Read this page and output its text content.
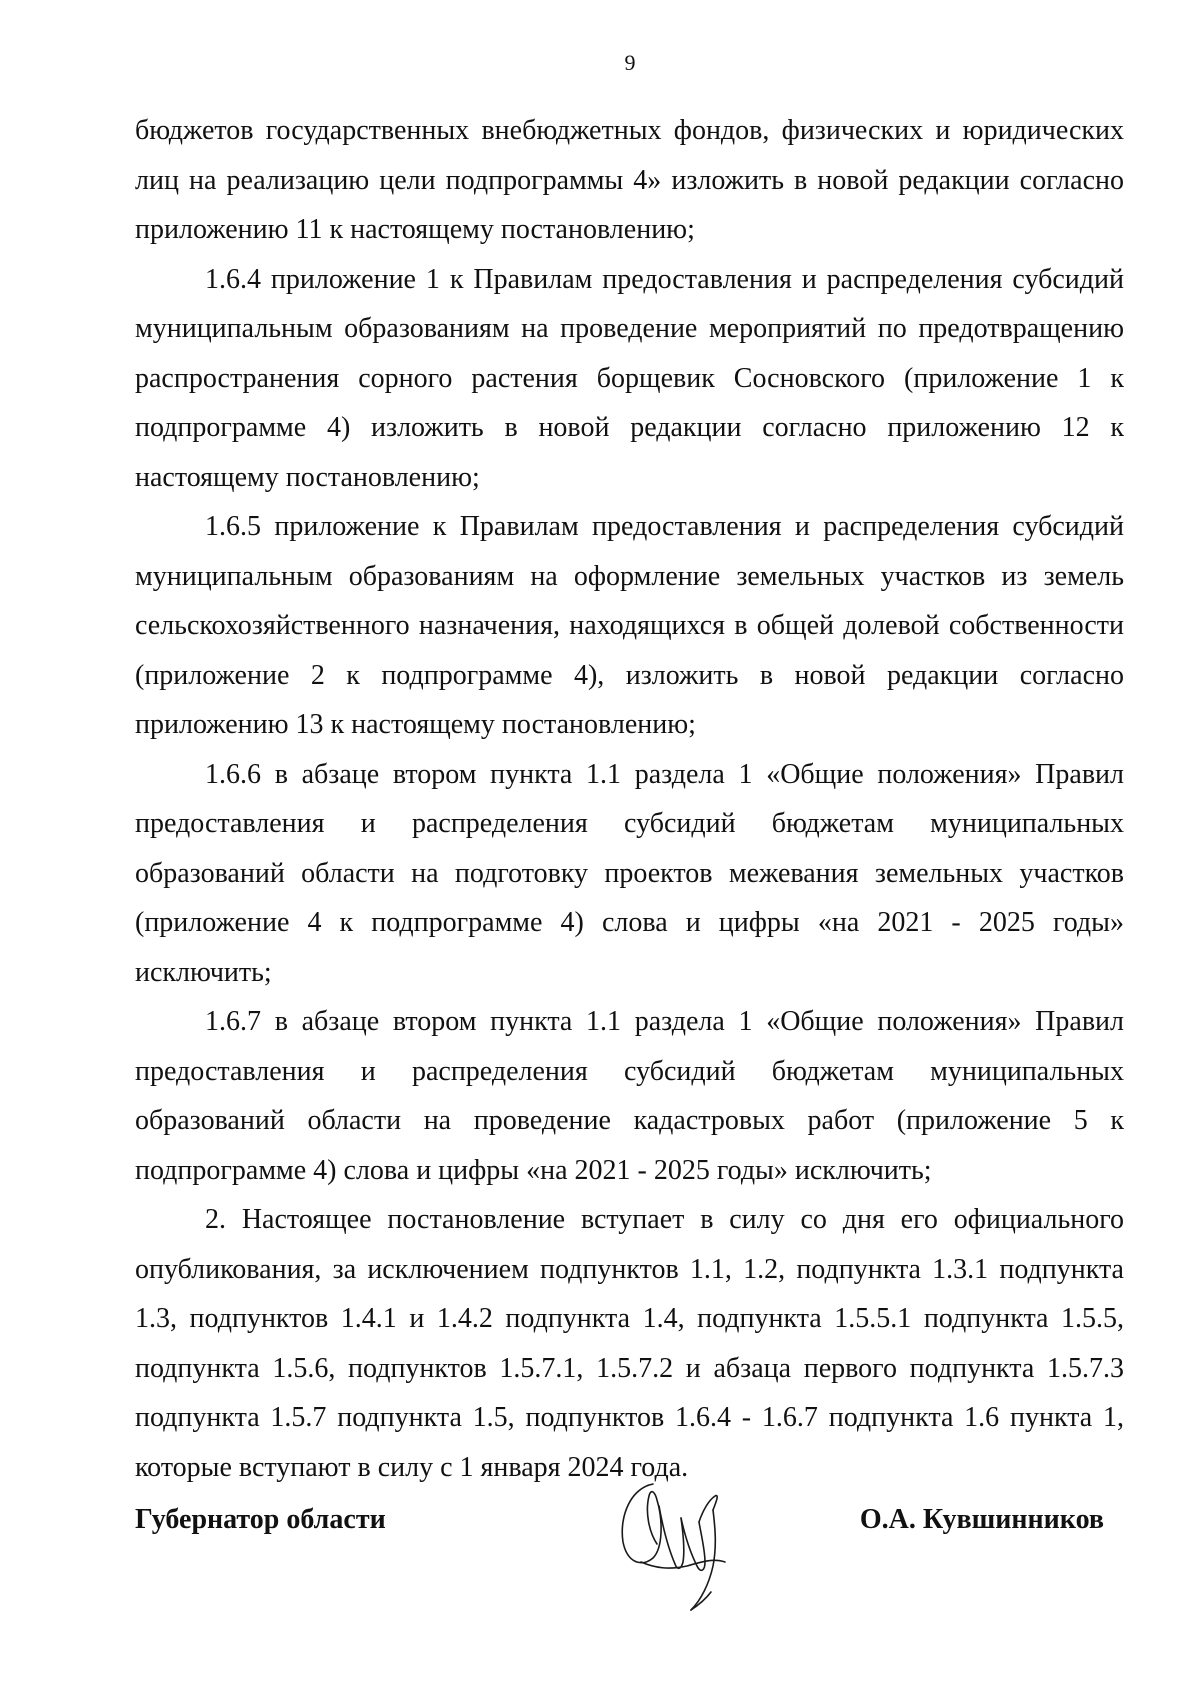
9

бюджетов государственных внебюджетных фондов, физических и юридических лиц на реализацию цели подпрограммы 4» изложить в новой редакции согласно приложению 11 к настоящему постановлению;

1.6.4 приложение 1 к Правилам предоставления и распределения субсидий муниципальным образованиям на проведение мероприятий по предотвращению распространения сорного растения борщевик Сосновского (приложение 1 к подпрограмме 4) изложить в новой редакции согласно приложению 12 к настоящему постановлению;

1.6.5 приложение к Правилам предоставления и распределения субсидий муниципальным образованиям на оформление земельных участков из земель сельскохозяйственного назначения, находящихся в общей долевой собственности (приложение 2 к подпрограмме 4), изложить в новой редакции согласно приложению 13 к настоящему постановлению;

1.6.6 в абзаце втором пункта 1.1 раздела 1 «Общие положения» Правил предоставления и распределения субсидий бюджетам муниципальных образований области на подготовку проектов межевания земельных участков (приложение 4 к подпрограмме 4) слова и цифры «на 2021 - 2025 годы» исключить;

1.6.7 в абзаце втором пункта 1.1 раздела 1 «Общие положения» Правил предоставления и распределения субсидий бюджетам муниципальных образований области на проведение кадастровых работ (приложение 5 к подпрограмме 4) слова и цифры «на 2021 - 2025 годы» исключить;

2. Настоящее постановление вступает в силу со дня его официального опубликования, за исключением подпунктов 1.1, 1.2, подпункта 1.3.1 подпункта 1.3, подпунктов 1.4.1 и 1.4.2 подпункта 1.4, подпункта 1.5.5.1 подпункта 1.5.5, подпункта 1.5.6, подпунктов 1.5.7.1, 1.5.7.2 и абзаца первого подпункта 1.5.7.3 подпункта 1.5.7 подпункта 1.5, подпунктов 1.6.4 - 1.6.7 подпункта 1.6 пункта 1, которые вступают в силу с 1 января 2024 года.

Губернатор области	О.А. Кувшинников
